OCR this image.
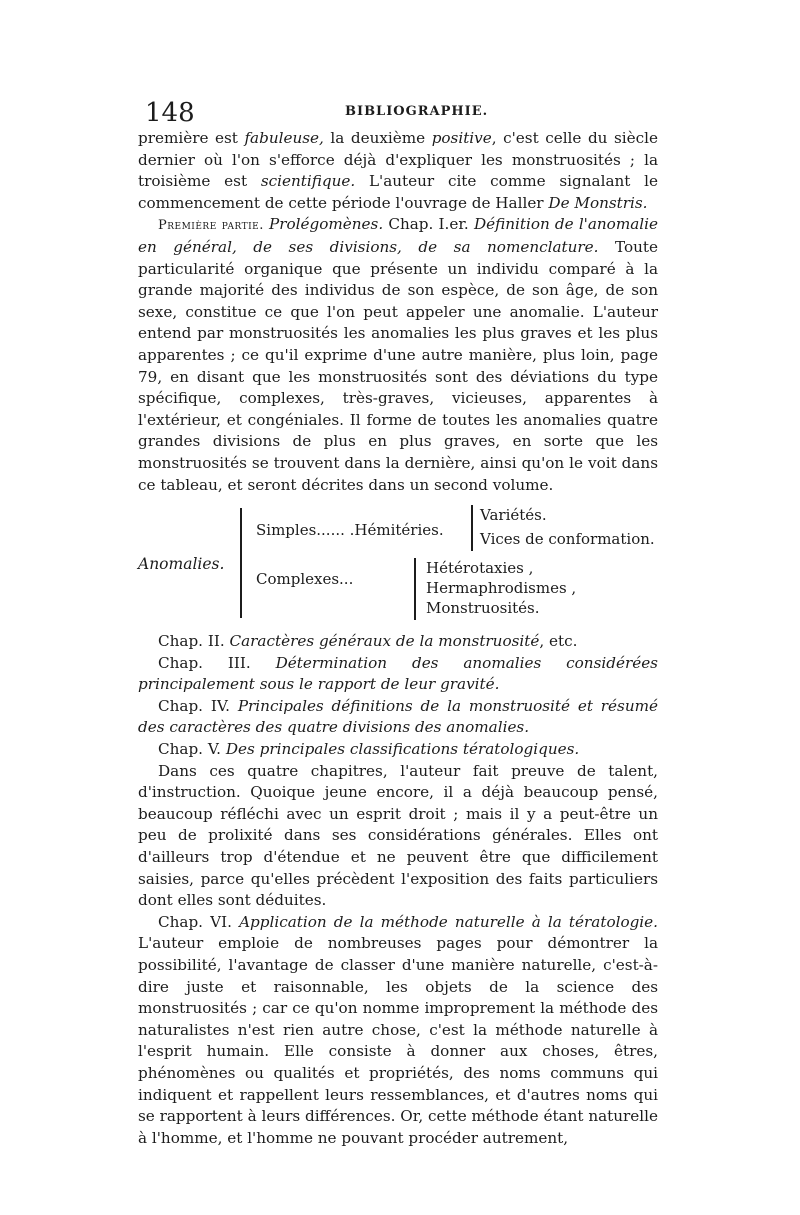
148	BIBLIOGRAPHIE.

première est fabuleuse, la deuxième positive, c'est celle du siècle dernier où l'on s'efforce déjà d'expliquer les monstruosités ; la troisième est scientifique. L'auteur cite comme signalant le commencement de cette période l'ouvrage de Haller De Monstris.

Première partie. Prolégomènes. Chap. I.er. Définition de l'anomalie en général, de ses divisions, de sa nomenclature. Toute particularité organique que présente un individu comparé à la grande majorité des individus de son espèce, de son âge, de son sexe, constitue ce que l'on peut appeler une anomalie. L'auteur entend par monstruosités les anomalies les plus graves et les plus apparentes ; ce qu'il exprime d'une autre manière, plus loin, page 79, en disant que les monstruosités sont des déviations du type spécifique, complexes, très-graves, vicieuses, apparentes à l'extérieur, et congéniales. Il forme de toutes les anomalies quatre grandes divisions de plus en plus graves, en sorte que les monstruosités se trouvent dans la dernière, ainsi qu'on le voit dans ce tableau, et seront décrites dans un second volume.

Anomalies.
Simples...... .Hémitéries.
Variétés.
Vices de conformation.
Complexes...
Hétérotaxies ,
Hermaphrodismes ,
Monstruosités.

Chap. II. Caractères généraux de la monstruosité, etc.

Chap. III. Détermination des anomalies considérées principalement sous le rapport de leur gravité.

Chap. IV. Principales définitions de la monstruosité et résumé des caractères des quatre divisions des anomalies.

Chap. V. Des principales classifications tératologiques.

Dans ces quatre chapitres, l'auteur fait preuve de talent, d'instruction. Quoique jeune encore, il a déjà beaucoup pensé, beaucoup réfléchi avec un esprit droit ; mais il y a peut-être un peu de prolixité dans ses considérations générales. Elles ont d'ailleurs trop d'étendue et ne peuvent être que difficilement saisies, parce qu'elles précèdent l'exposition des faits particuliers dont elles sont déduites.

Chap. VI. Application de la méthode naturelle à la tératologie. L'auteur emploie de nombreuses pages pour démontrer la possibilité, l'avantage de classer d'une manière naturelle, c'est-à-dire juste et raisonnable, les objets de la science des monstruosités ; car ce qu'on nomme improprement la méthode des naturalistes n'est rien autre chose, c'est la méthode naturelle à l'esprit humain. Elle consiste à donner aux choses, êtres, phénomènes ou qualités et propriétés, des noms communs qui indiquent et rappellent leurs ressemblances, et d'autres noms qui se rapportent à leurs différences. Or, cette méthode étant naturelle à l'homme, et l'homme ne pouvant procéder autrement,
